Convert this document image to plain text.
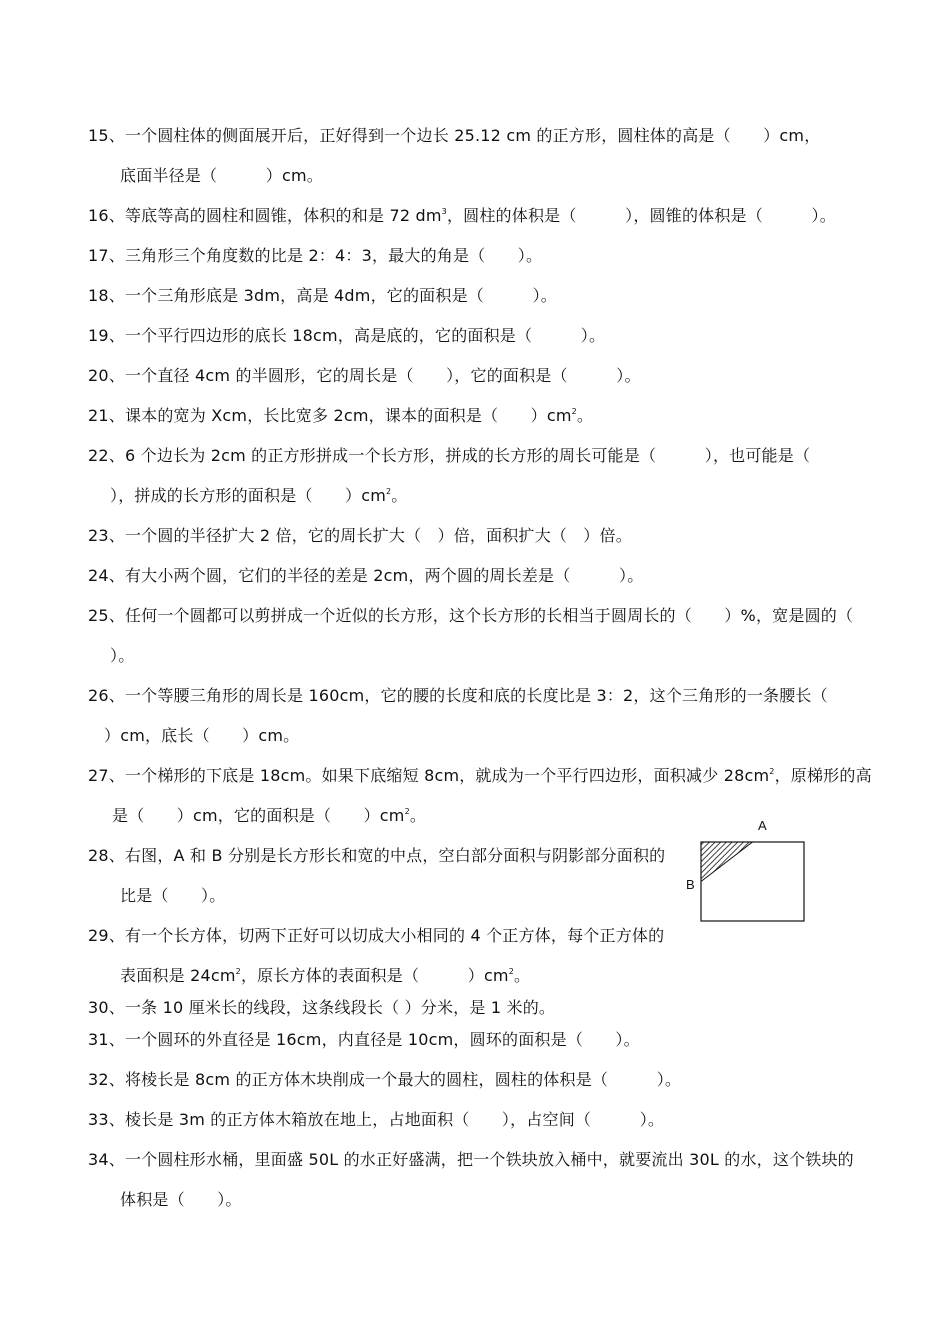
15、一个圆柱体的侧面展开后，正好得到一个边长 25.12 cm 的正方形，圆柱体的高是（　　）cm，
底面半径是（　　　）cm。
16、等底等高的圆柱和圆锥，体积的和是 72 $dm^3$，圆柱的体积是（　　　），圆锥的体积是（　　　）。
17、三角形三个角度数的比是 2：4：3，最大的角是（　　）。
18、一个三角形底是 3dm，高是 4dm，它的面积是（　　　）。
19、一个平行四边形的底长 18cm，高是底的，它的面积是（　　　）。
20、一个直径 4cm 的半圆形，它的周长是（　　），它的面积是（　　　）。
21、课本的宽为 Xcm，长比宽多 2cm，课本的面积是（　　）$cm^2$。
22、6 个边长为 2cm 的正方形拼成一个长方形，拼成的长方形的周长可能是（　　　），也可能是（
），拼成的长方形的面积是（　　）$cm^2$。
23、一个圆的半径扩大 2 倍，它的周长扩大（　）倍，面积扩大（　）倍。
24、有大小两个圆，它们的半径的差是 2cm，两个圆的周长差是（　　　）。
25、任何一个圆都可以剪拼成一个近似的长方形，这个长方形的长相当于圆周长的（　　）%，宽是圆的（
）。
26、一个等腰三角形的周长是 160cm，它的腰的长度和底的长度比是 3：2，这个三角形的一条腰长（
）cm，底长（　　）cm。
27、一个梯形的下底是 18cm。如果下底缩短 8cm，就成为一个平行四边形，面积减少 $28cm^2$，原梯形的高
是（　　）cm，它的面积是（　　）$cm^2$。
28、右图，A 和 B 分别是长方形长和宽的中点，空白部分面积与阴影部分面积的
比是（　　）。
29、有一个长方体，切两下正好可以切成大小相同的 4 个正方体，每个正方体的
表面积是 $24cm^2$，原长方体的表面积是（　　　）$cm^2$。
30、一条 10 厘米长的线段，这条线段长（ ）分米，是 1 米的。
31、一个圆环的外直径是 16cm，内直径是 10cm，圆环的面积是（　　）。
32、将棱长是 8cm 的正方体木块削成一个最大的圆柱，圆柱的体积是（　　　）。
33、棱长是 3m 的正方体木箱放在地上，占地面积（　　），占空间（　　　）。
34、一个圆柱形水桶，里面盛 50L 的水正好盛满，把一个铁块放入桶中，就要流出 30L 的水，这个铁块的
体积是（　　）。
A
B
